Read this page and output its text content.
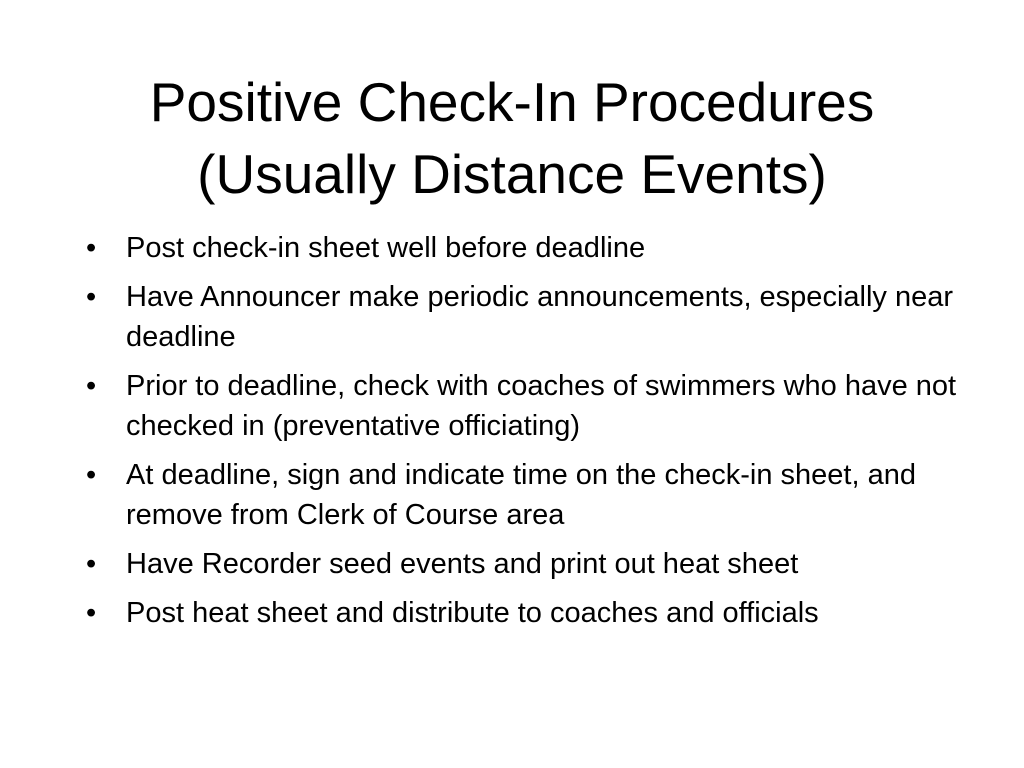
Positive Check-In Procedures
(Usually Distance Events)
• Post check-in sheet well before deadline
• Have Announcer make periodic announcements, especially near deadline
• Prior to deadline, check with coaches of swimmers who have not checked in (preventative officiating)
• At deadline, sign and indicate time on the check-in sheet, and remove from Clerk of Course area
• Have Recorder seed events and print out heat sheet
• Post heat sheet and distribute to coaches and officials
